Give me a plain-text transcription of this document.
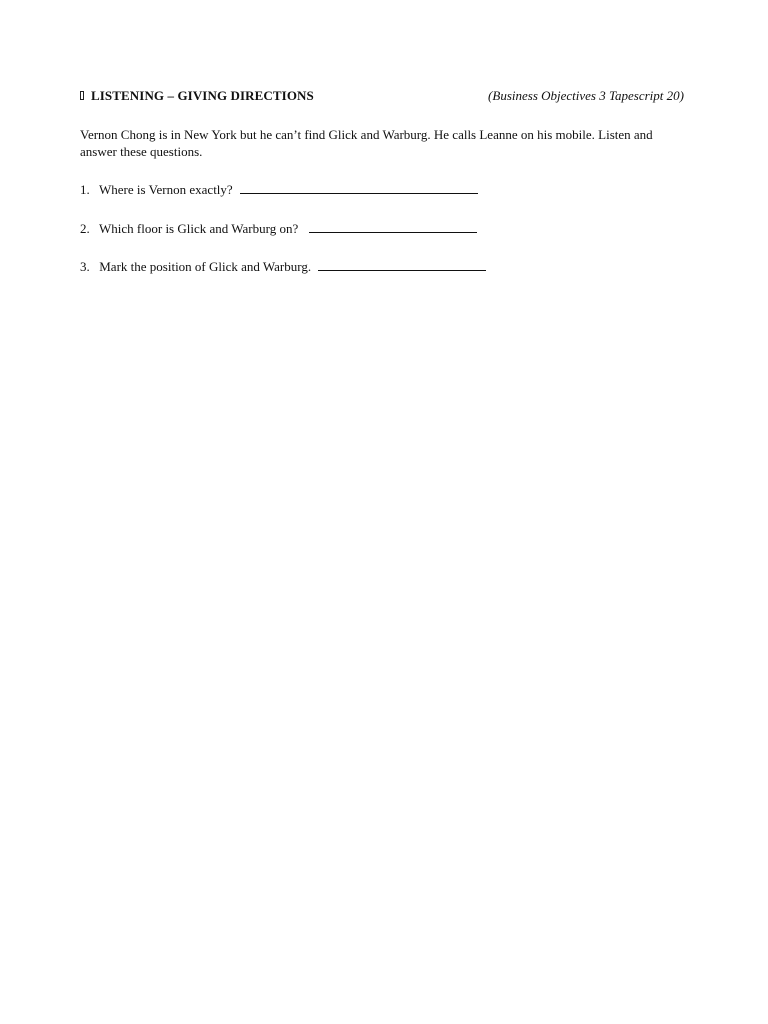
LISTENING – GIVING DIRECTIONS	(Business Objectives 3 Tapescript 20)
Vernon Chong is in New York but he can’t find Glick and Warburg. He calls Leanne on his mobile. Listen and answer these questions.
1. Where is Vernon exactly?
2. Which floor is Glick and Warburg on?
3. Mark the position of Glick and Warburg.
